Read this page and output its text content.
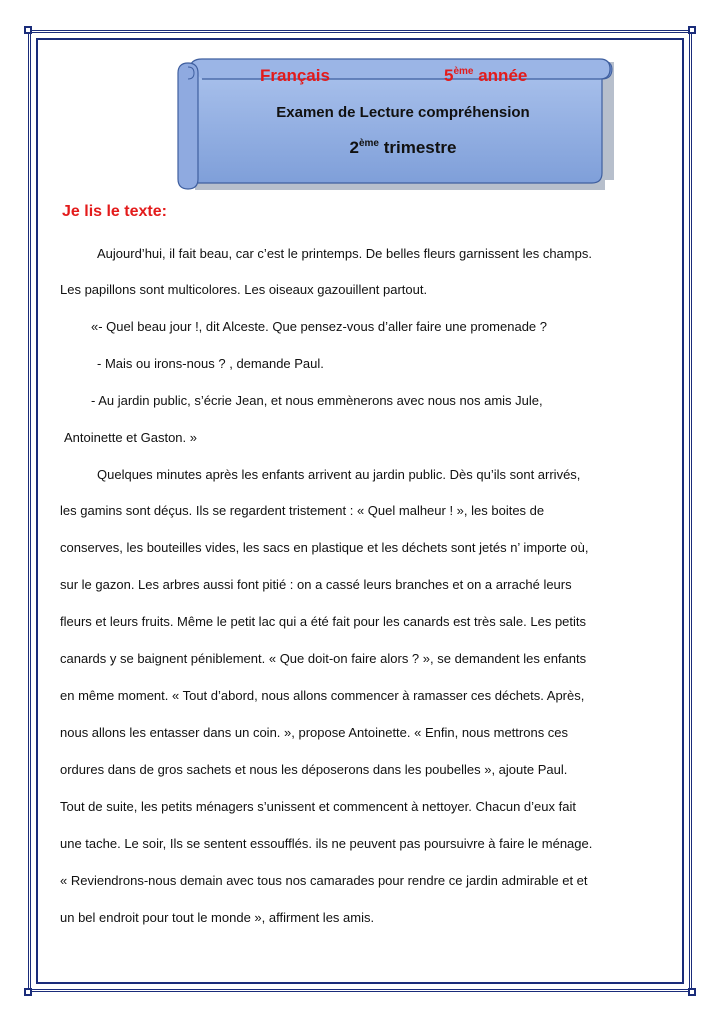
Français	5ème année
Examen de Lecture compréhension
2ème trimestre
Je lis le texte:
Aujourd’hui, il fait beau, car c’est le printemps. De belles fleurs garnissent les champs.
Les papillons sont multicolores. Les oiseaux gazouillent partout.
«- Quel beau jour !, dit Alceste. Que pensez-vous d’aller faire une promenade ?
- Mais ou irons-nous ? , demande Paul.
- Au jardin public, s’écrie Jean, et nous emmènerons avec nous nos amis Jule,
Antoinette et Gaston. »
Quelques minutes après les enfants arrivent au jardin public. Dès qu’ils sont arrivés,
les gamins sont déçus. Ils se regardent tristement : « Quel malheur ! », les boites de
conserves, les bouteilles vides, les sacs en plastique et les déchets sont jetés n’ importe où,
sur le gazon. Les arbres aussi font pitié : on a cassé leurs branches et on a arraché leurs
fleurs et leurs fruits. Même le petit lac qui a été fait pour les canards est très sale. Les petits
canards y se baignent péniblement. « Que doit-on faire alors ? », se demandent les enfants
en même moment. « Tout d’abord, nous allons commencer à ramasser ces déchets. Après,
nous allons les entasser dans un coin. », propose Antoinette. « Enfin, nous mettrons ces
ordures dans de gros sachets et nous les déposerons dans les poubelles », ajoute Paul.
Tout de suite, les petits ménagers s’unissent et commencent à nettoyer. Chacun d’eux fait
une tache. Le soir, Ils se sentent essoufflés. ils ne peuvent pas poursuivre à faire le ménage.
« Reviendrons-nous demain avec tous nos camarades pour rendre ce jardin admirable et et
un bel endroit pour tout le monde », affirment les amis.
